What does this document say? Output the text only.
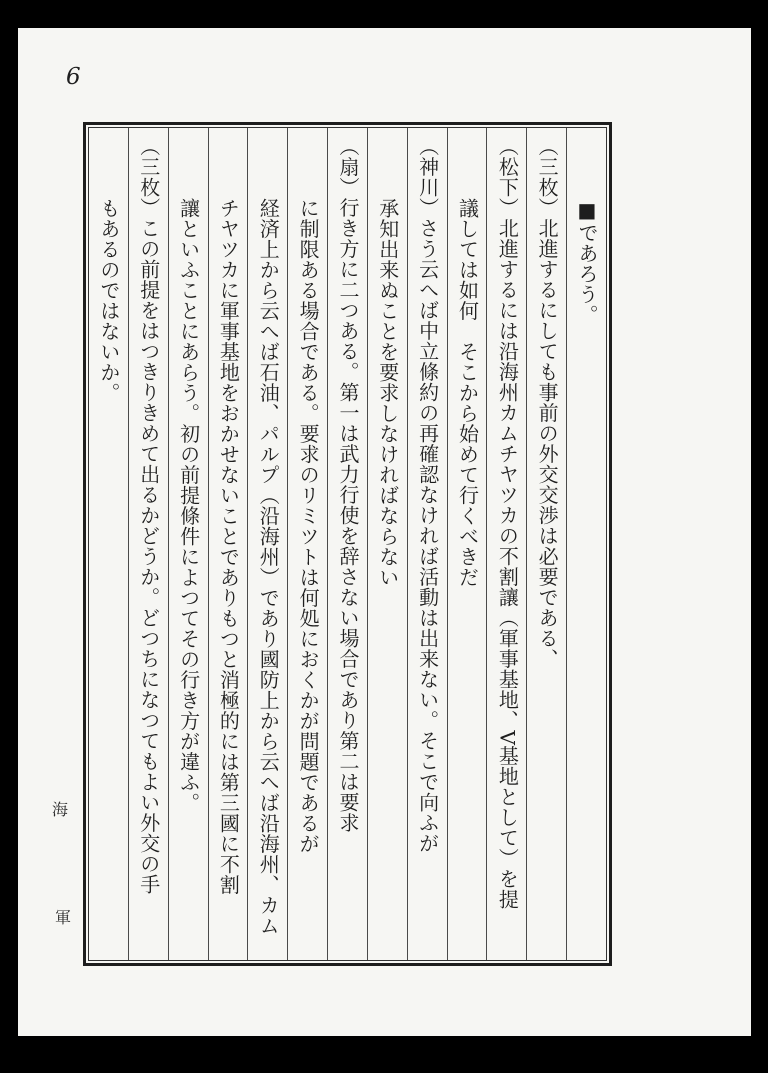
6
海
軍
■であろう。
（三枚）北進するにしても事前の外交交渉は必要である、
（松下）北進するには沿海州カムチヤツカの不割讓（軍事基地、V基地として）を提
議しては如何　そこから始めて行くべきだ
（神川）さう云へば中立條約の再確認なければ活動は出来ない。そこで向ふが
承知出来ぬことを要求しなければならない
（扇）行き方に二つある。第一は武力行使を辞さない場合であり第二は要求
に制限ある場合である。要求のリミツトは何処におくかが問題であるが
経済上から云へば石油、パルプ（沿海州）であり國防上から云へば沿海州、カム
チヤツカに軍事基地をおかせないことでありもつと消極的には第三國に不割
讓といふことにあらう。初の前提條件によつてその行き方が違ふ。
（三枚）この前提をはつきりきめて出るかどうか。どつちになつてもよい外交の手
もあるのではないか。
